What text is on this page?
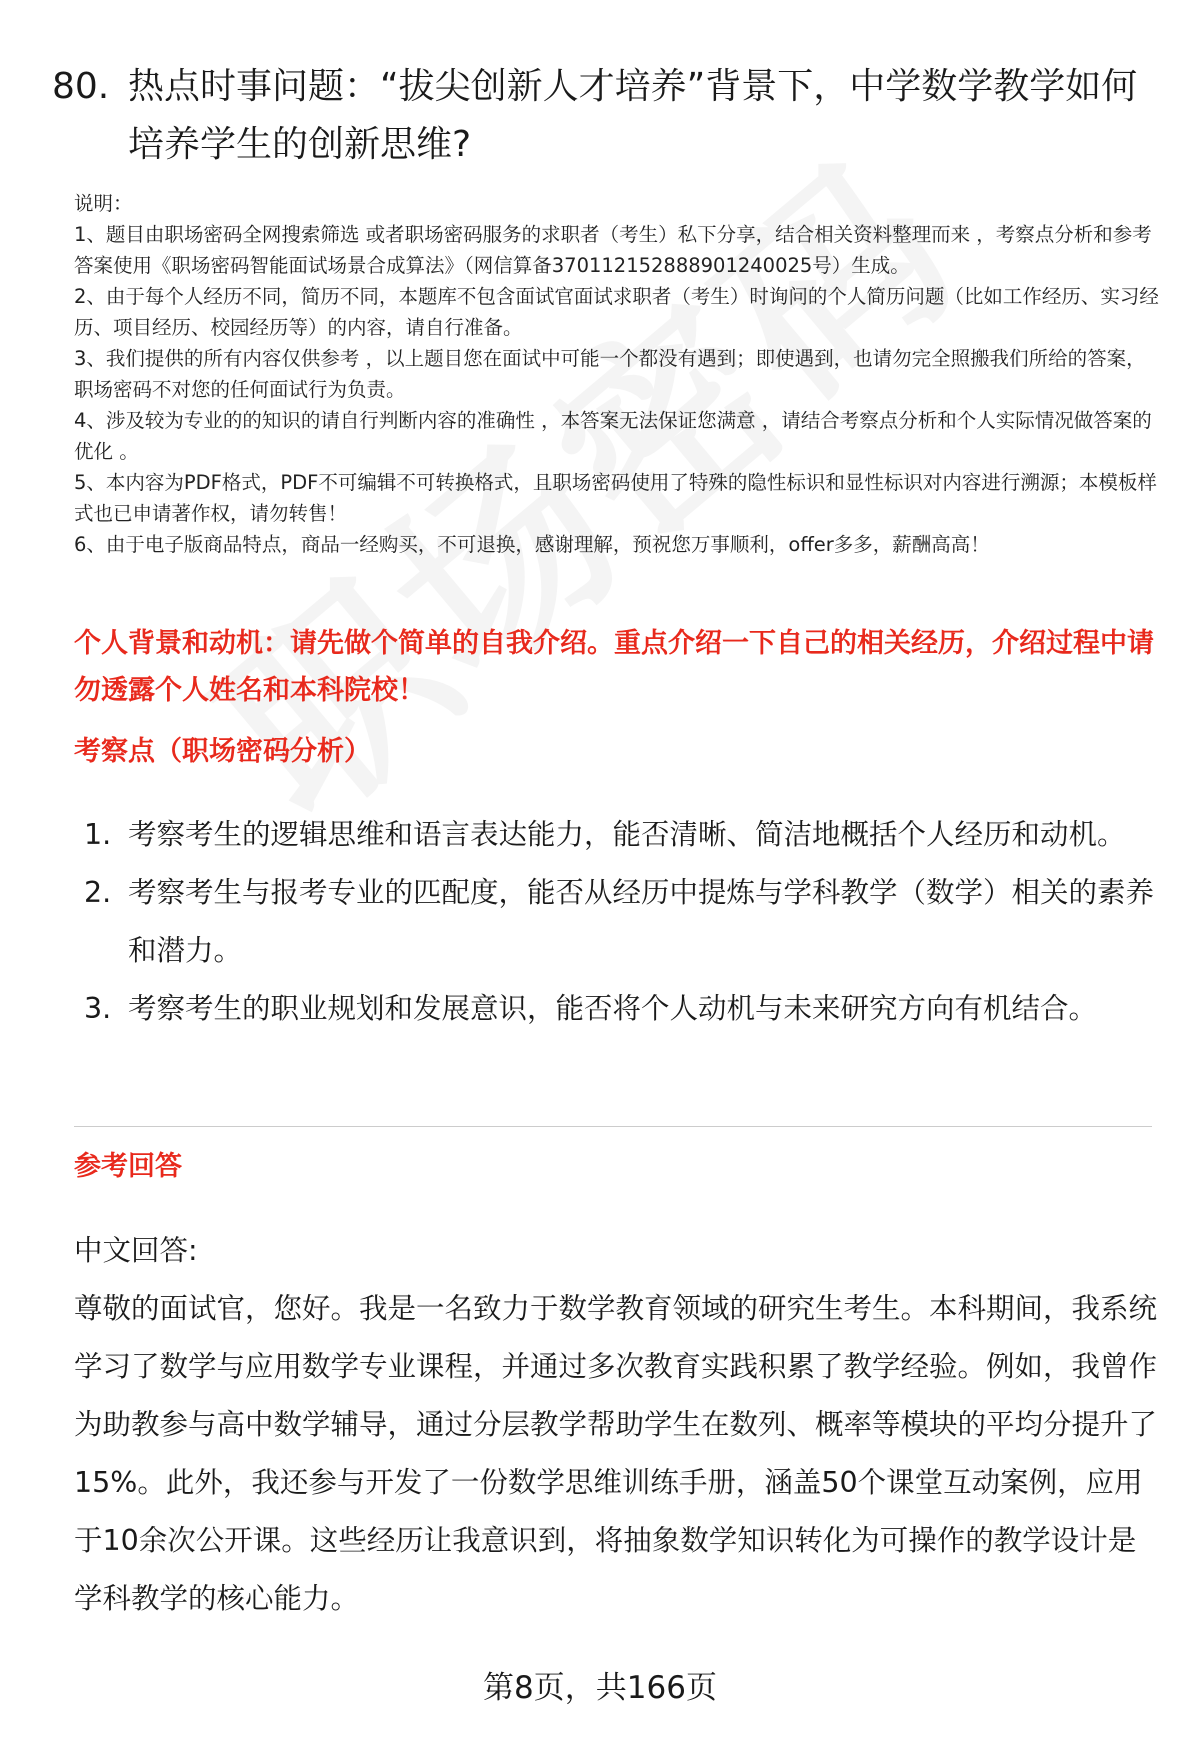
80. 热点时事问题：“拔尖创新人才培养”背景下，中学数学教学如何培养学生的创新思维?

说明：

1、题目由职场密码全网搜索筛选 或者职场密码服务的求职者（考生）私下分享，结合相关资料整理而来 ，考察点分析和参考答案使用《职场密码智能面试场景合成算法》（网信算备370112152888901240025号）生成。

2、由于每个人经历不同，简历不同，本题库不包含面试官面试求职者（考生）时询问的个人简历问题（比如工作经历、实习经历、项目经历、校园经历等）的内容，请自行准备。

3、我们提供的所有内容仅供参考 ，以上题目您在面试中可能一个都没有遇到；即使遇到，也请勿完全照搬我们所给的答案，职场密码不对您的任何面试行为负责。

4、涉及较为专业的的知识的请自行判断内容的准确性 ，本答案无法保证您满意 ，请结合考察点分析和个人实际情况做答案的优化 。

5、本内容为PDF格式，PDF不可编辑不可转换格式，且职场密码使用了特殊的隐性标识和显性标识对内容进行溯源；本模板样式也已申请著作权，请勿转售！

6、由于电子版商品特点，商品一经购买，不可退换，感谢理解，预祝您万事顺利，offer多多，薪酬高高！

个人背景和动机：请先做个简单的自我介绍。重点介绍一下自己的相关经历，介绍过程中请勿透露个人姓名和本科院校！
考察点（职场密码分析）
1. 考察考生的逻辑思维和语言表达能力，能否清晰、简洁地概括个人经历和动机。
2. 考察考生与报考专业的匹配度，能否从经历中提炼与学科教学（数学）相关的素养和潜力。
3. 考察考生的职业规划和发展意识，能否将个人动机与未来研究方向有机结合。
参考回答

中文回答:

尊敬的面试官，您好。我是一名致力于数学教育领域的研究生考生。本科期间，我系统学习了数学与应用数学专业课程，并通过多次教育实践积累了教学经验。例如，我曾作为助教参与高中数学辅导，通过分层教学帮助学生在数列、概率等模块的平均分提升了15%。此外，我还参与开发了一份数学思维训练手册，涵盖50个课堂互动案例，应用于10余次公开课。这些经历让我意识到，将抽象数学知识转化为可操作的教学设计是学科教学的核心能力。

第8页，共166页
